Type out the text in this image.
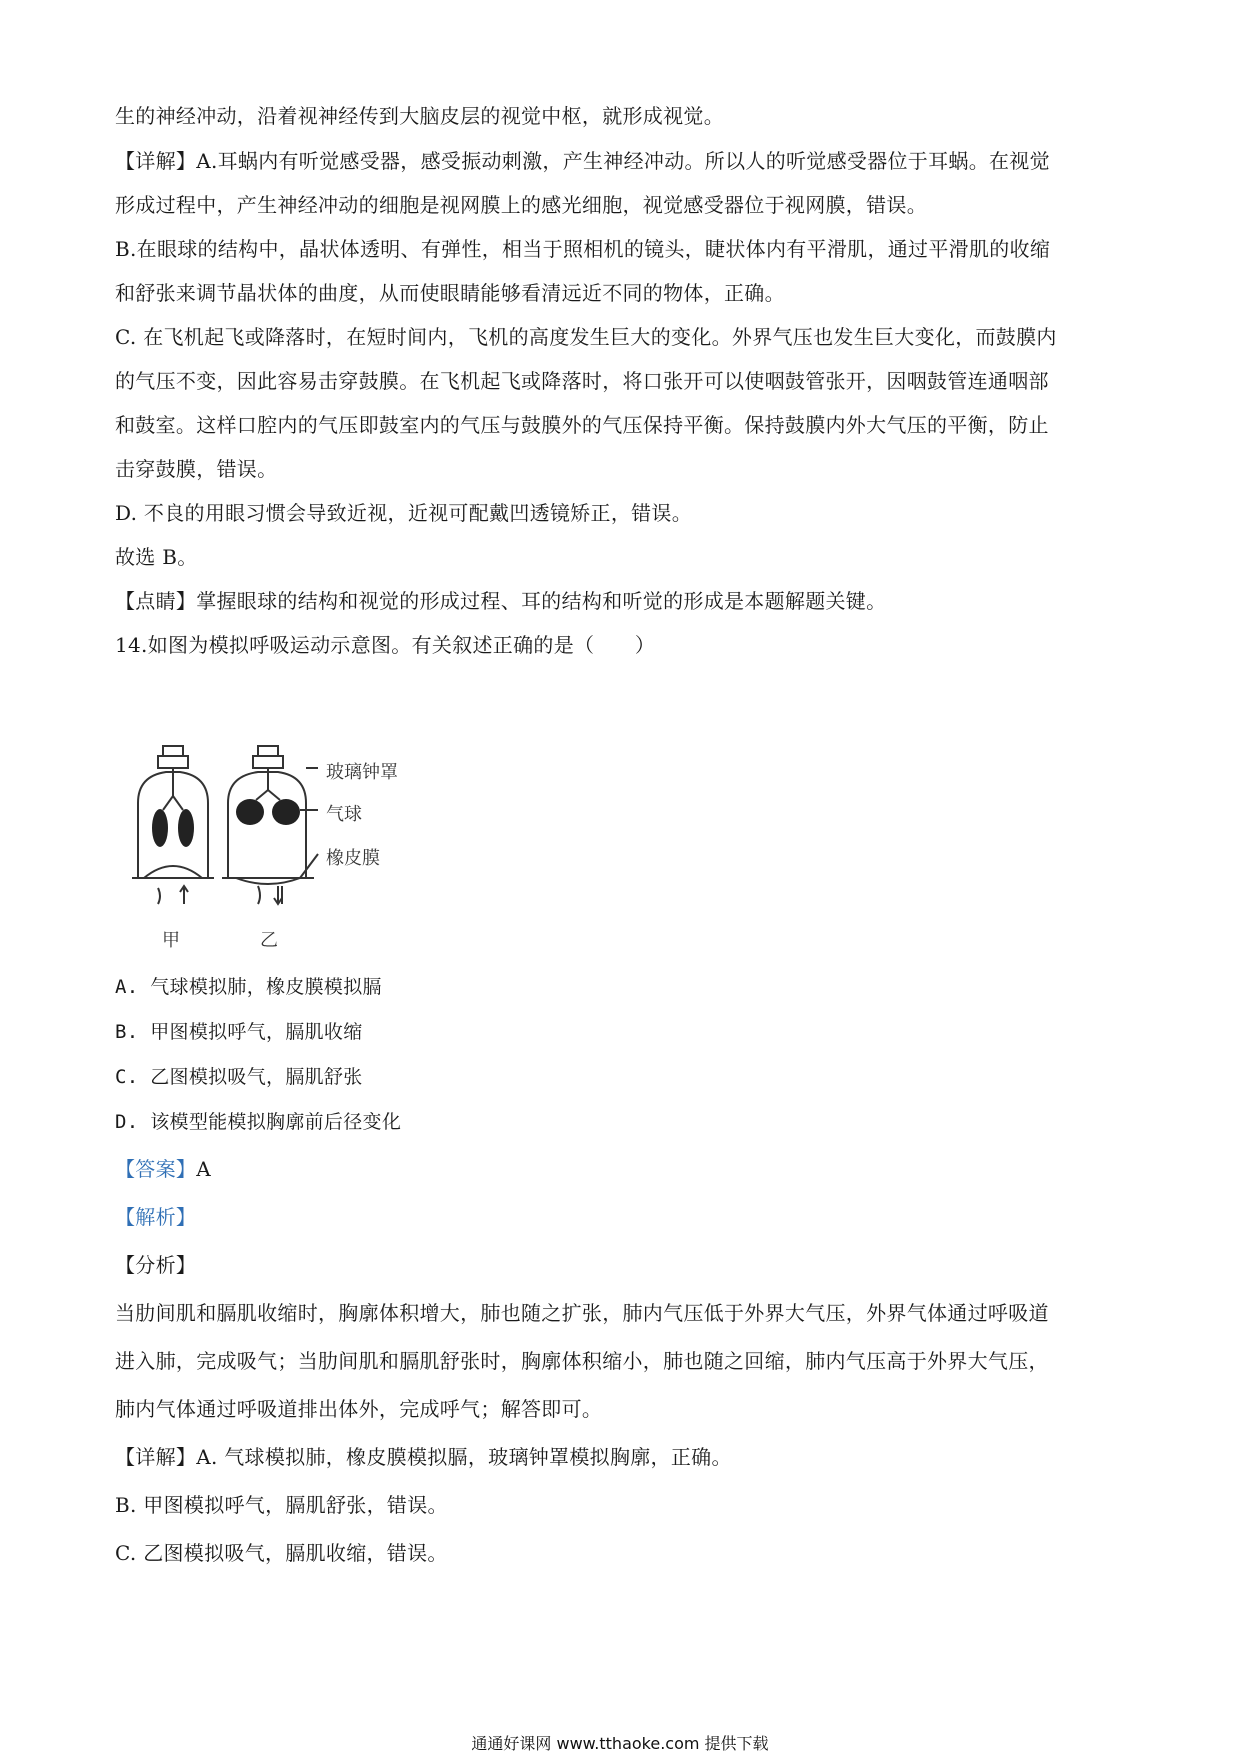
生的神经冲动，沿着视神经传到大脑皮层的视觉中枢，就形成视觉。
【详解】A.耳蜗内有听觉感受器，感受振动刺激，产生神经冲动。所以人的听觉感受器位于耳蜗。在视觉
形成过程中，产生神经冲动的细胞是视网膜上的感光细胞，视觉感受器位于视网膜，错误。
B.在眼球的结构中，晶状体透明、有弹性，相当于照相机的镜头，睫状体内有平滑肌，通过平滑肌的收缩
和舒张来调节晶状体的曲度，从而使眼睛能够看清远近不同的物体，正确。
C. 在飞机起飞或降落时，在短时间内，飞机的高度发生巨大的变化。外界气压也发生巨大变化，而鼓膜内
的气压不变，因此容易击穿鼓膜。在飞机起飞或降落时，将口张开可以使咽鼓管张开，因咽鼓管连通咽部
和鼓室。这样口腔内的气压即鼓室内的气压与鼓膜外的气压保持平衡。保持鼓膜内外大气压的平衡，防止
击穿鼓膜，错误。
D. 不良的用眼习惯会导致近视，近视可配戴凹透镜矫正，错误。
故选 B。
【点睛】掌握眼球的结构和视觉的形成过程、耳的结构和听觉的形成是本题解题关键。
14.如图为模拟呼吸运动示意图。有关叙述正确的是（　　）
玻璃钟罩
气球
橡皮膜
甲	乙
A. 气球模拟肺，橡皮膜模拟膈
B. 甲图模拟呼气，膈肌收缩
C. 乙图模拟吸气，膈肌舒张
D. 该模型能模拟胸廓前后径变化
【答案】A
【解析】
【分析】
当肋间肌和膈肌收缩时，胸廓体积增大，肺也随之扩张，肺内气压低于外界大气压，外界气体通过呼吸道
进入肺，完成吸气；当肋间肌和膈肌舒张时，胸廓体积缩小，肺也随之回缩，肺内气压高于外界大气压，
肺内气体通过呼吸道排出体外，完成呼气；解答即可。
【详解】A. 气球模拟肺，橡皮膜模拟膈，玻璃钟罩模拟胸廓，正确。
B. 甲图模拟呼气，膈肌舒张，错误。
C. 乙图模拟吸气，膈肌收缩，错误。
通通好课网 www.tthaoke.com 提供下载
